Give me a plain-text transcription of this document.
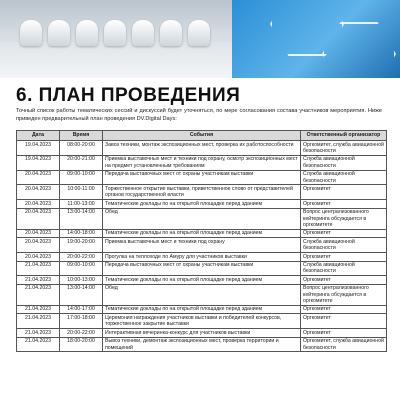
6. ПЛАН ПРОВЕДЕНИЯ
Точный список работы тематических сессий и дискуссий будет уточняться, по мере согласования состава участников мероприятия. Ниже приведен предварительный план проведения DV.Digital Days:
Дата	Время	События	Ответственный организатор
19.04.2023	08:00-20:00	Завоз техники, монтаж экспозиционных мест, проверка их работоспособности	Оргкомитет, служба авиационной безопасности
19.04.2023	20:00-21:00	Приемка выставочных мест и техники под охрану, осмотр экспозиционных мест на предмет установленным требованиям	Служба авиационной безопасности
20.04.2023	09:00-10:00	Передача выставочных мест от охраны участникам выставки	Служба авиационной безопасности
20.04.2023	10:00-11:00	Торжественное открытие выставки, приветственное слово от представителей органов государственной власти	Оргкомитет
20.04.2023	11:00-13:00	Тематические доклады по на открытой площадке перед зданием	Оргкомитет
20.04.2023	13:00-14:00	Обед	Вопрос централизованного кейтеринга обсуждается в оргкомитете
20.04.2023	14:00-18:00	Тематические доклады по на открытой площадке перед зданием	Оргкомитет
20.04.2023	19:00-20:00	Приемка выставочных мест и техники под охрану	Служба авиационной безопасности
20.04.2023	20:00-22:00	Прогулка на теплоходе по Амуру для участников выставки	Оргкомитет
21.04.2023	09:00-10:00	Передача выставочных мест от охраны участникам выставки	Служба авиационной безопасности
21.04.2023	10:00-13:00	Тематические доклады по на открытой площадке перед зданием	Оргкомитет
21.04.2023	13:00-14:00	Обед	Вопрос централизованного кейтеринга обсуждается в оргкомитете
21.04.2023	14:00-17:00	Тематические доклады по на открытой площадке перед зданием	Оргкомитет
21.04.2023	17:00-18:00	Церемония награждения участников выставки и победителей конкурсов, торжественное закрытие выставки	Оргкомитет
21.04.2023	20:00-22:00	Интерактивная вечеринка-конкурс для участников выставки	Оргкомитет
21.04.2023	18:00-20:00	Вывоз техники, демонтаж экспозиционных мест, проверка территории и помещений	Оргкомитет, служба авиационной безопасности
